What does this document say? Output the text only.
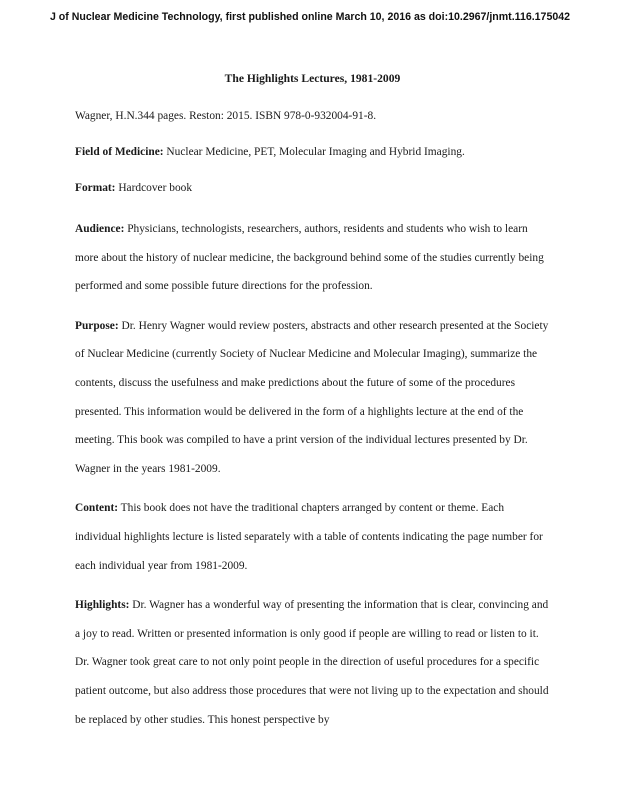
J of Nuclear Medicine Technology, first published online March 10, 2016 as doi:10.2967/jnmt.116.175042
The Highlights Lectures, 1981-2009

Wagner, H.N.344 pages. Reston: 2015. ISBN 978-0-932004-91-8.

Field of Medicine: Nuclear Medicine, PET, Molecular Imaging and Hybrid Imaging.

Format: Hardcover book

Audience: Physicians, technologists, researchers, authors, residents and students who wish to learn more about the history of nuclear medicine, the background behind some of the studies currently being performed and some possible future directions for the profession.

Purpose: Dr. Henry Wagner would review posters, abstracts and other research presented at the Society of Nuclear Medicine (currently Society of Nuclear Medicine and Molecular Imaging), summarize the contents, discuss the usefulness and make predictions about the future of some of the procedures presented. This information would be delivered in the form of a highlights lecture at the end of the meeting. This book was compiled to have a print version of the individual lectures presented by Dr. Wagner in the years 1981-2009.

Content: This book does not have the traditional chapters arranged by content or theme. Each individual highlights lecture is listed separately with a table of contents indicating the page number for each individual year from 1981-2009.

Highlights: Dr. Wagner has a wonderful way of presenting the information that is clear, convincing and a joy to read. Written or presented information is only good if people are willing to read or listen to it. Dr. Wagner took great care to not only point people in the direction of useful procedures for a specific patient outcome, but also address those procedures that were not living up to the expectation and should be replaced by other studies. This honest perspective by
